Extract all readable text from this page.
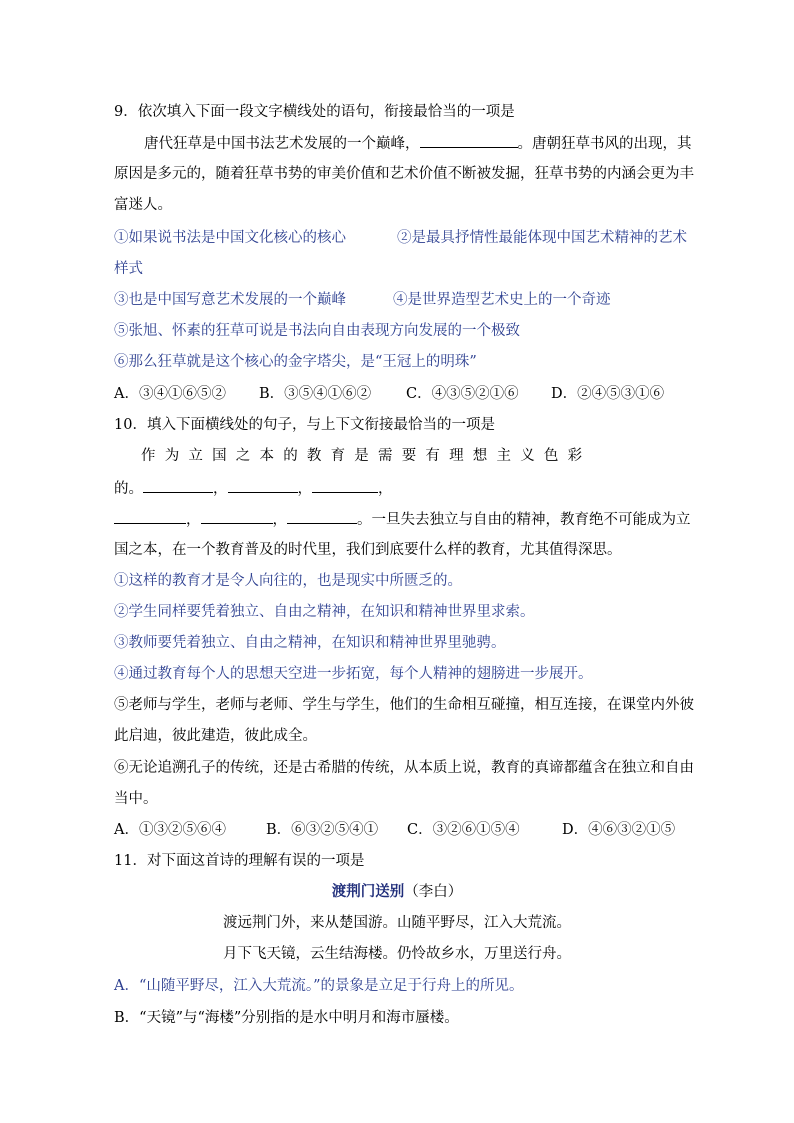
9．依次填入下面一段文字横线处的语句，衔接最恰当的一项是
唐代狂草是中国书法艺术发展的一个巅峰，	。唐朝狂草书风的出现，其
原因是多元的，随着狂草书势的审美价值和艺术价值不断被发掘，狂草书势的内涵会更为丰
富迷人。
①如果说书法是中国文化核心的核心	②是最具抒情性最能体现中国艺术精神的艺术
样式
③也是中国写意艺术发展的一个巅峰	④是世界造型艺术史上的一个奇迹
⑤张旭、怀素的狂草可说是书法向自由表现方向发展的一个极致
⑥那么狂草就是这个核心的金字塔尖，是“王冠上的明珠”
A．③④①⑥⑤② B．③⑤④①⑥② C．④③⑤②①⑥ D．②④⑤③①⑥
10．填入下面横线处的句子，与上下文衔接最恰当的一项是
作为立国之本的教育是需要有理想主义色彩
的。	，	，	，
，	，	。一旦失去独立与自由的精神，教育绝不可能成为立
国之本，在一个教育普及的时代里，我们到底要什么样的教育，尤其值得深思。
①这样的教育才是令人向往的，也是现实中所匮乏的。
②学生同样要凭着独立、自由之精神，在知识和精神世界里求索。
③教师要凭着独立、自由之精神，在知识和精神世界里驰骋。
④通过教育每个人的思想天空进一步拓宽，每个人精神的翅膀进一步展开。
⑤老师与学生，老师与老师、学生与学生，他们的生命相互碰撞，相互连接，在课堂内外彼
此启迪，彼此建造，彼此成全。
⑥无论追溯孔子的传统，还是古希腊的传统，从本质上说，教育的真谛都蕴含在独立和自由
当中。
A．①③②⑤⑥④	B．⑥③②⑤④① C．③②⑥①⑤④	D．④⑥③②①⑤
11．对下面这首诗的理解有误的一项是
渡荆门送别（李白）
渡远荆门外，来从楚国游。山随平野尽，江入大荒流。
月下飞天镜，云生结海楼。仍怜故乡水，万里送行舟。
A．“山随平野尽，江入大荒流。”的景象是立足于行舟上的所见。
B．“天镜”与“海楼”分别指的是水中明月和海市蜃楼。
